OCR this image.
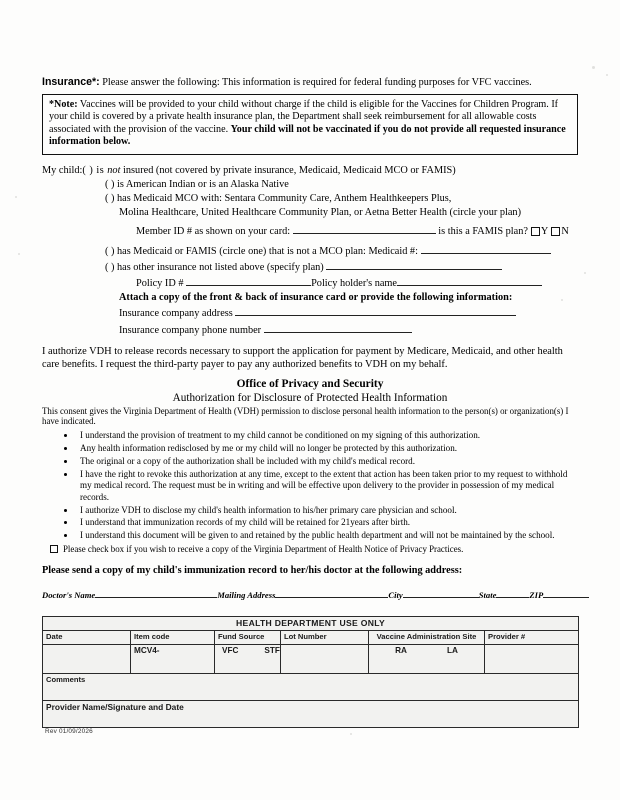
Insurance*: Please answer the following: This information is required for federal funding purposes for VFC vaccines.
*Note: Vaccines will be provided to your child without charge if the child is eligible for the Vaccines for Children Program. If your child is covered by a private health insurance plan, the Department shall seek reimbursement for all allowable costs associated with the provision of the vaccine. Your child will not be vaccinated if you do not provide all requested insurance information below.
My child:( ) is not insured (not covered by private insurance, Medicaid, Medicaid MCO or FAMIS)
( ) is American Indian or is an Alaska Native
( ) has Medicaid MCO with: Sentara Community Care, Anthem Healthkeepers Plus,
Molina Healthcare, United Healthcare Community Plan, or Aetna Better Health (circle your plan)
Member ID # as shown on your card:	is this a FAMIS plan? Y N
( ) has Medicaid or FAMIS (circle one) that is not a MCO plan: Medicaid #:
( ) has other insurance not listed above (specify plan)
Policy ID #	Policy holder's name
Attach a copy of the front & back of insurance card or provide the following information:
Insurance company address
Insurance company phone number
I authorize VDH to release records necessary to support the application for payment by Medicare, Medicaid, and other health care benefits. I request the third-party payer to pay any authorized benefits to VDH on my behalf.
Office of Privacy and Security
Authorization for Disclosure of Protected Health Information
This consent gives the Virginia Department of Health (VDH) permission to disclose personal health information to the person(s) or organization(s) I have indicated.
• I understand the provision of treatment to my child cannot be conditioned on my signing of this authorization.
• Any health information redisclosed by me or my child will no longer be protected by this authorization.
• The original or a copy of the authorization shall be included with my child's medical record.
• I have the right to revoke this authorization at any time, except to the extent that action has been taken prior to my request to withhold my medical record. The request must be in writing and will be effective upon delivery to the provider in possession of my medical records.
• I authorize VDH to disclose my child's health information to his/her primary care physician and school.
• I understand that immunization records of my child will be retained for 21years after birth.
• I understand this document will be given to and retained by the public health department and will not be maintained by the school.
Please check box if you wish to receive a copy of the Virginia Department of Health Notice of Privacy Practices.
Please send a copy of my child's immunization record to her/his doctor at the following address:
Doctor's Name	Mailing Address	City	State	ZIP
HEALTH DEPARTMENT USE ONLY					
Date	Item code	Fund Source	Lot Number	Vaccine Administration Site	Provider #
	MCV4-	VFC STF		RA LA	

Comments					
Provider Name/Signature and Date					
Rev 01/09/2026
